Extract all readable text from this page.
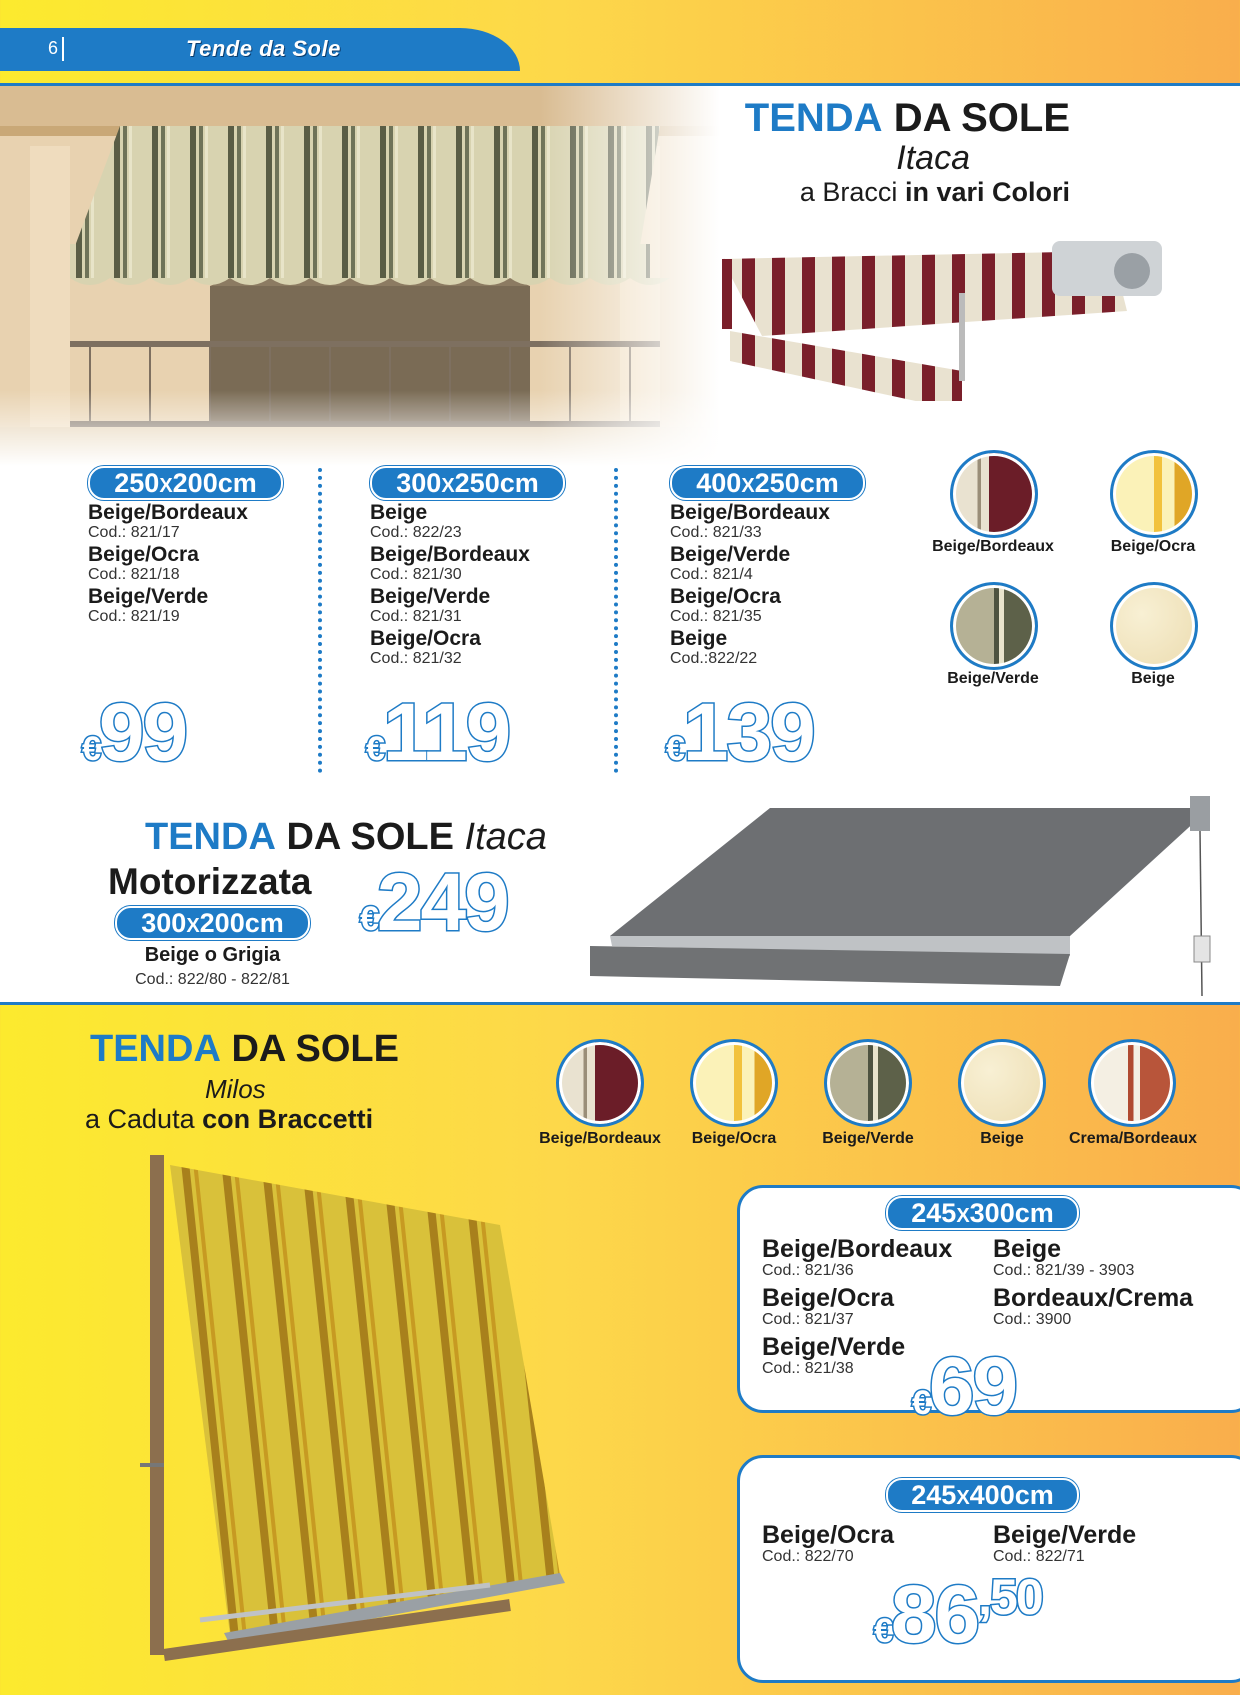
6	Tende da Sole
TENDA DA SOLE
Itaca
a Bracci in vari Colori
250X200cm
Beige/Bordeaux
Cod.: 821/17
Beige/Ocra
Cod.: 821/18
Beige/Verde
Cod.: 821/19
€99
300X250cm
Beige
Cod.: 822/23
Beige/Bordeaux
Cod.: 821/30
Beige/Verde
Cod.: 821/31
Beige/Ocra
Cod.: 821/32
€119
400X250cm
Beige/Bordeaux
Cod.: 821/33
Beige/Verde
Cod.: 821/4
Beige/Ocra
Cod.: 821/35
Beige
Cod.:822/22
€139
Beige/Bordeaux	Beige/Ocra
Beige/Verde	Beige
TENDA DA SOLE Itaca
Motorizzata
300X200cm
Beige o Grigia
Cod.: 822/80 - 822/81
€249
TENDA DA SOLE
Milos
a Caduta con Braccetti
Beige/Bordeaux	Beige/Ocra	Beige/Verde	Beige	Crema/Bordeaux
245X300cm
Beige/Bordeaux
Cod.: 821/36
Beige/Ocra
Cod.: 821/37
Beige/Verde
Cod.: 821/38
Beige
Cod.: 821/39 - 3903
Bordeaux/Crema
Cod.: 3900
€69
245X400cm
Beige/Ocra
Cod.: 822/70
Beige/Verde
Cod.: 822/71
€86,50
